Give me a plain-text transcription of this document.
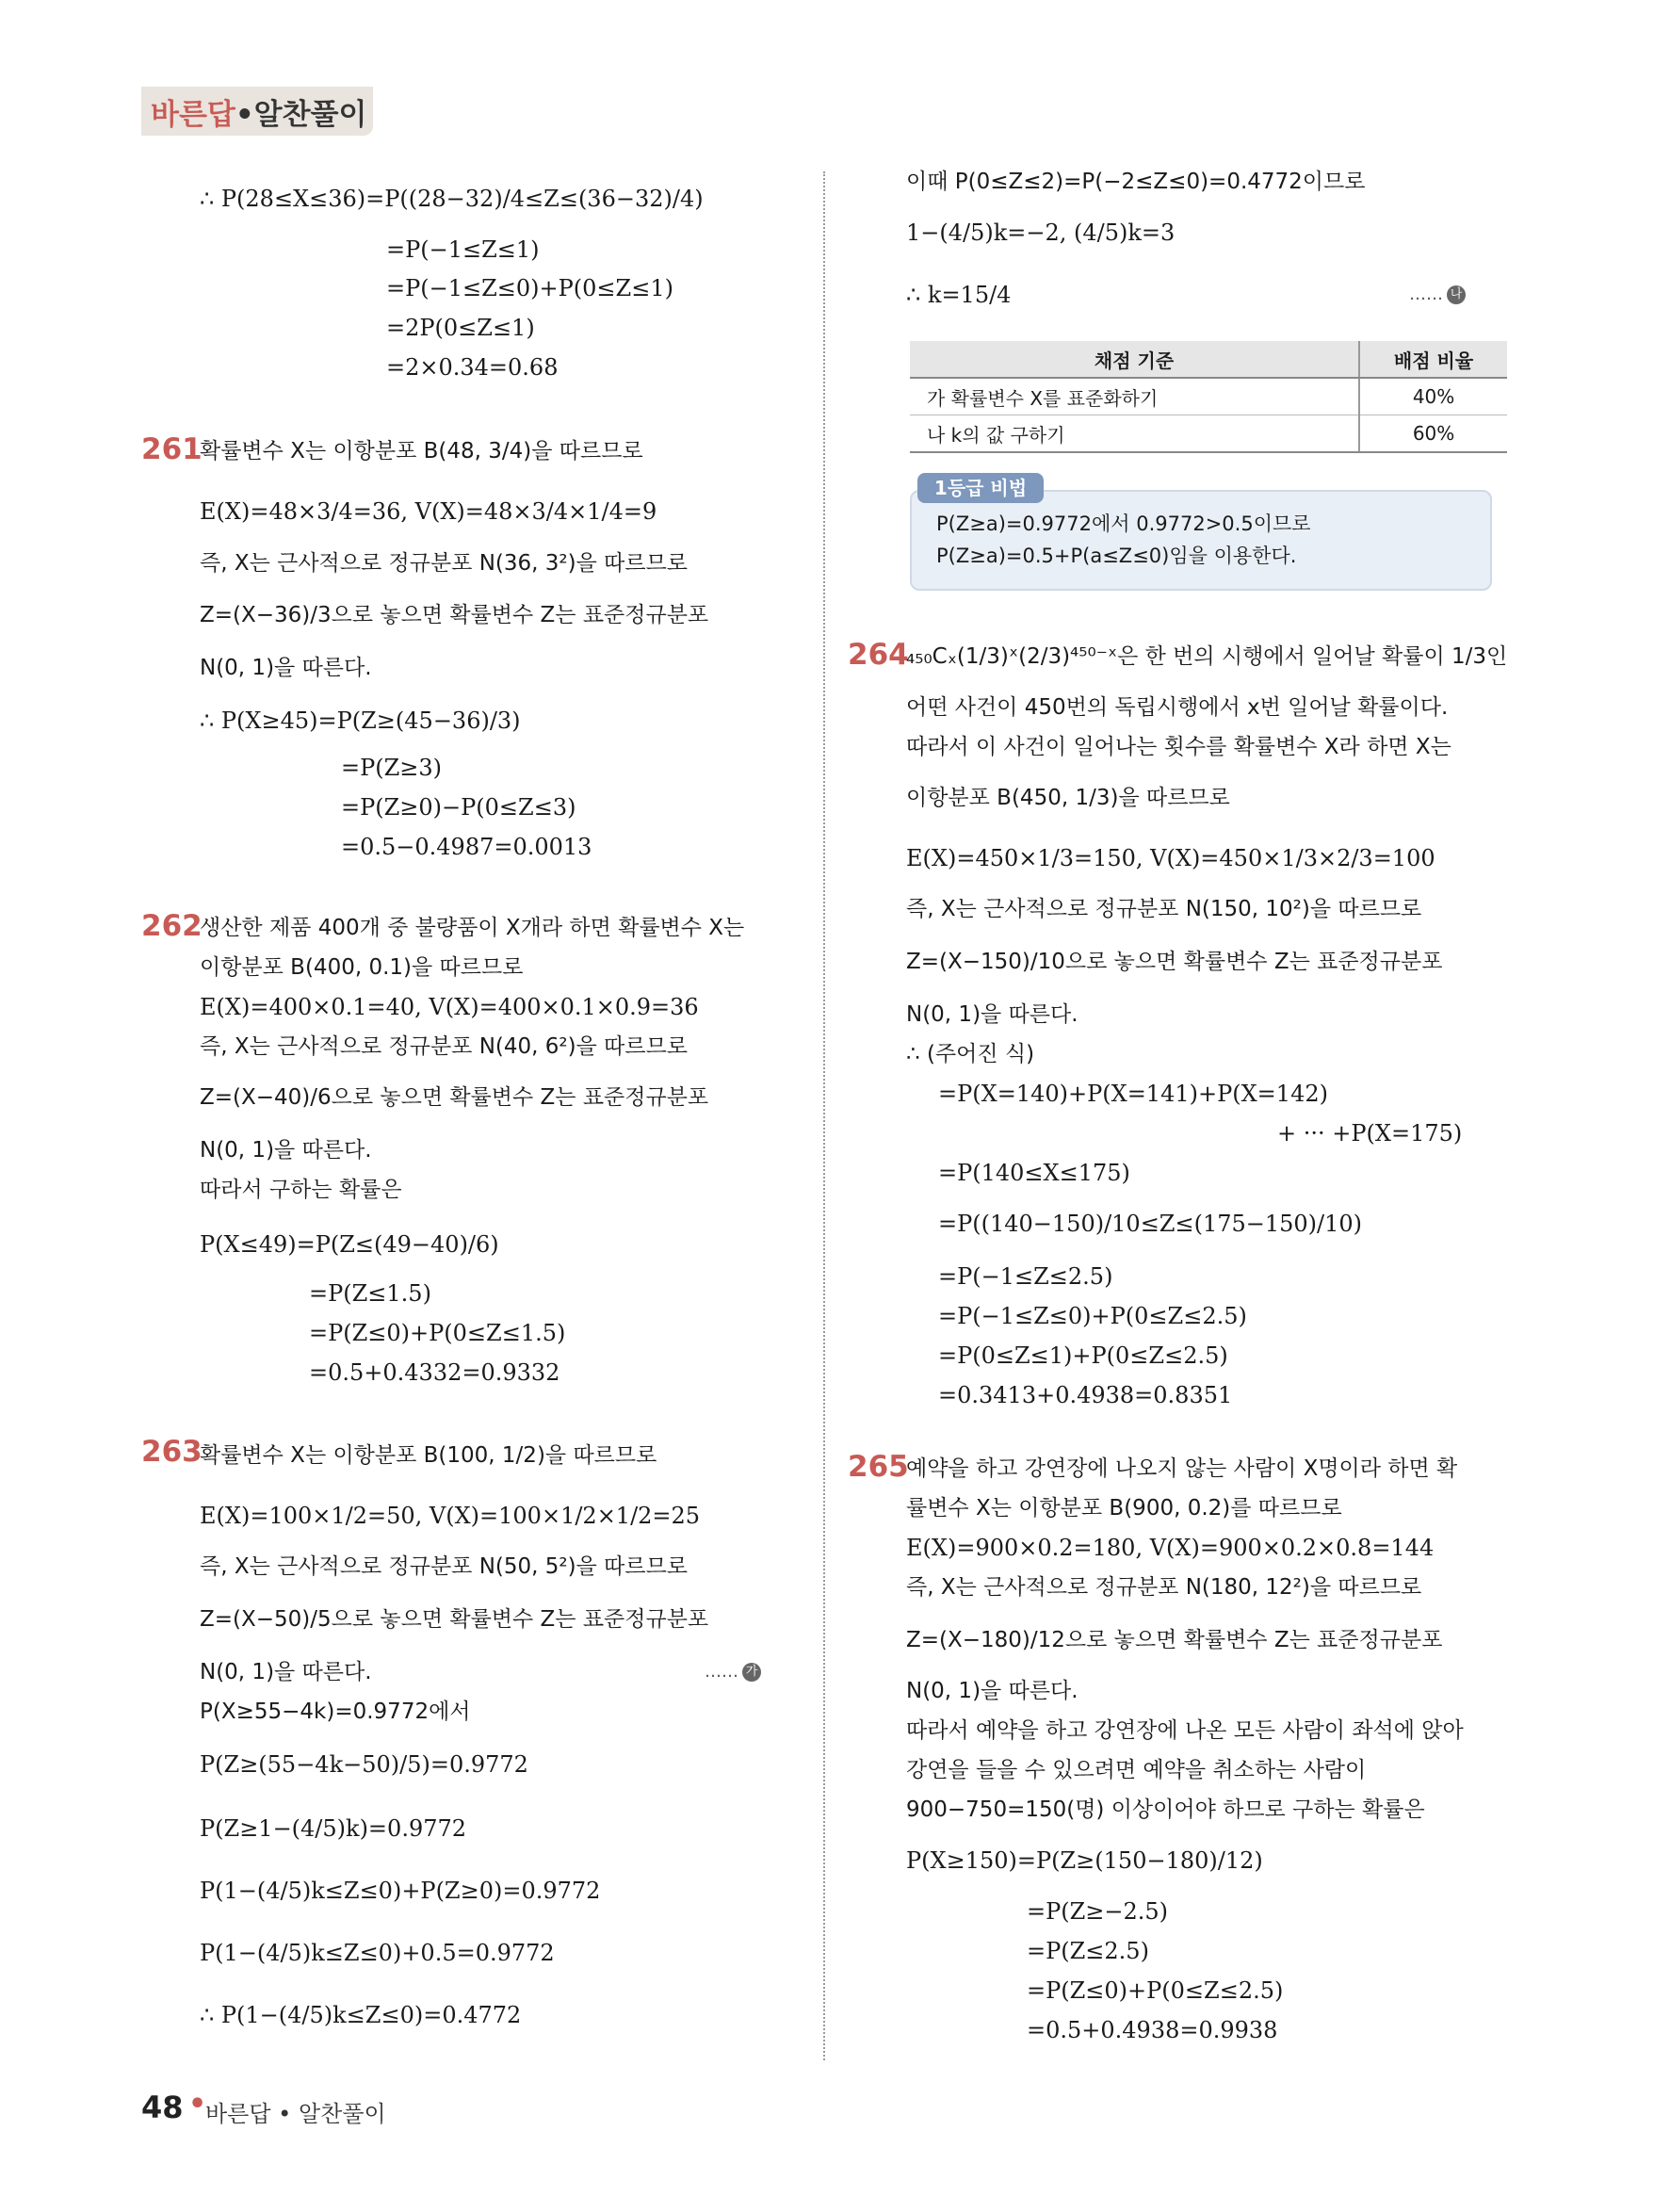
바른답•알찬풀이
∴ P(28≤X≤36)=P((28−32)/4≤Z≤(36−32)/4)
=P(−1≤Z≤1)
=P(−1≤Z≤0)+P(0≤Z≤1)
=2P(0≤Z≤1)
=2×0.34=0.68
261
확률변수 X는 이항분포 B(48, 3/4)을 따르므로
E(X)=48×3/4=36, V(X)=48×3/4×1/4=9
즉, X는 근사적으로 정규분포 N(36, 3²)을 따르므로
Z=(X−36)/3으로 놓으면 확률변수 Z는 표준정규분포
N(0, 1)을 따른다.
∴ P(X≥45)=P(Z≥(45−36)/3)
=P(Z≥3)
=P(Z≥0)−P(0≤Z≤3)
=0.5−0.4987=0.0013
262
생산한 제품 400개 중 불량품이 X개라 하면 확률변수 X는
이항분포 B(400, 0.1)을 따르므로
E(X)=400×0.1=40, V(X)=400×0.1×0.9=36
즉, X는 근사적으로 정규분포 N(40, 6²)을 따르므로
Z=(X−40)/6으로 놓으면 확률변수 Z는 표준정규분포
N(0, 1)을 따른다.
따라서 구하는 확률은
P(X≤49)=P(Z≤(49−40)/6)
=P(Z≤1.5)
=P(Z≤0)+P(0≤Z≤1.5)
=0.5+0.4332=0.9332
263
확률변수 X는 이항분포 B(100, 1/2)을 따르므로
E(X)=100×1/2=50, V(X)=100×1/2×1/2=25
즉, X는 근사적으로 정규분포 N(50, 5²)을 따르므로
Z=(X−50)/5으로 놓으면 확률변수 Z는 표준정규분포
N(0, 1)을 따른다.	…… 가
P(X≥55−4k)=0.9772에서
P(Z≥(55−4k−50)/5)=0.9772
P(Z≥1−(4/5)k)=0.9772
P(1−(4/5)k≤Z≤0)+P(Z≥0)=0.9772
P(1−(4/5)k≤Z≤0)+0.5=0.9772
∴ P(1−(4/5)k≤Z≤0)=0.4772
이때 P(0≤Z≤2)=P(−2≤Z≤0)=0.4772이므로
1−(4/5)k=−2, (4/5)k=3
∴ k=15/4	…… 나
채점 기준	배점 비율
가 확률변수 X를 표준화하기	40%
나 k의 값 구하기	60%
1등급 비법
P(Z≥a)=0.9772에서 0.9772>0.5이므로
P(Z≥a)=0.5+P(a≤Z≤0)임을 이용한다.
264
₄₅₀Cₓ(1/3)ˣ(2/3)⁴⁵⁰⁻ˣ은 한 번의 시행에서 일어날 확률이 1/3인
어떤 사건이 450번의 독립시행에서 x번 일어날 확률이다.
따라서 이 사건이 일어나는 횟수를 확률변수 X라 하면 X는
이항분포 B(450, 1/3)을 따르므로
E(X)=450×1/3=150, V(X)=450×1/3×2/3=100
즉, X는 근사적으로 정규분포 N(150, 10²)을 따르므로
Z=(X−150)/10으로 놓으면 확률변수 Z는 표준정규분포
N(0, 1)을 따른다.
∴ (주어진 식)
=P(X=140)+P(X=141)+P(X=142)
+ ··· +P(X=175)
=P(140≤X≤175)
=P((140−150)/10≤Z≤(175−150)/10)
=P(−1≤Z≤2.5)
=P(−1≤Z≤0)+P(0≤Z≤2.5)
=P(0≤Z≤1)+P(0≤Z≤2.5)
=0.3413+0.4938=0.8351
265
예약을 하고 강연장에 나오지 않는 사람이 X명이라 하면 확
률변수 X는 이항분포 B(900, 0.2)를 따르므로
E(X)=900×0.2=180, V(X)=900×0.2×0.8=144
즉, X는 근사적으로 정규분포 N(180, 12²)을 따르므로
Z=(X−180)/12으로 놓으면 확률변수 Z는 표준정규분포
N(0, 1)을 따른다.
따라서 예약을 하고 강연장에 나온 모든 사람이 좌석에 앉아
강연을 들을 수 있으려면 예약을 취소하는 사람이
900−750=150(명) 이상이어야 하므로 구하는 확률은
P(X≥150)=P(Z≥(150−180)/12)
=P(Z≥−2.5)
=P(Z≤2.5)
=P(Z≤0)+P(0≤Z≤2.5)
=0.5+0.4938=0.9938
48 •
바른답 • 알찬풀이
